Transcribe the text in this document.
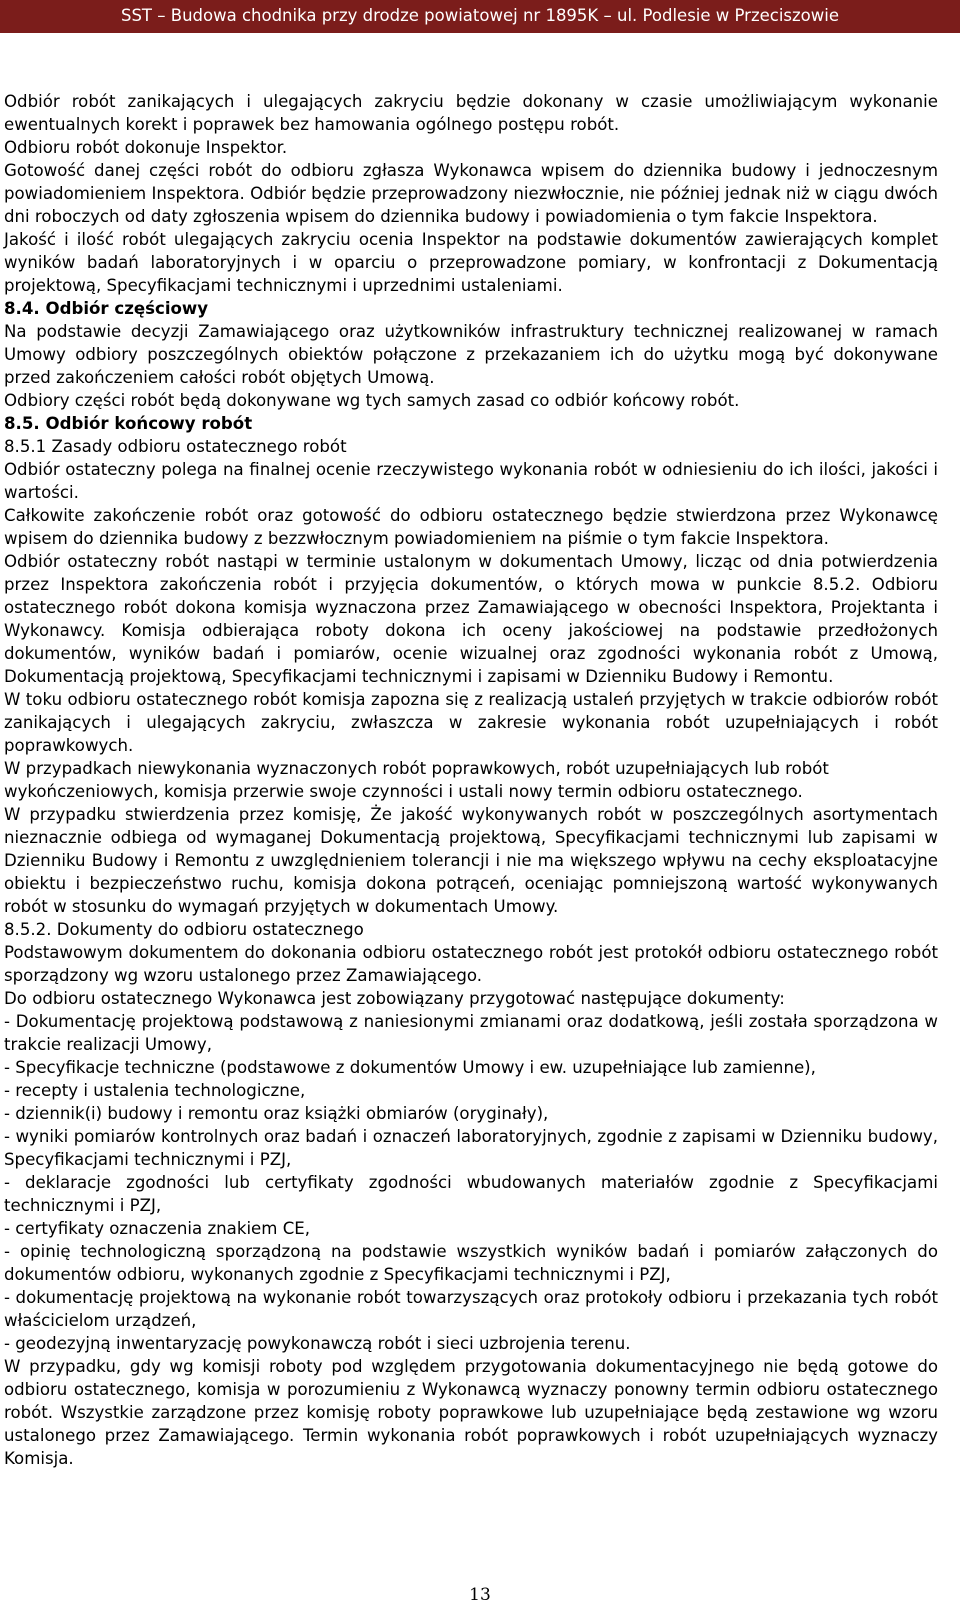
SST – Budowa chodnika przy drodze powiatowej nr 1895K – ul. Podlesie w Przeciszowie

Odbiór robót zanikających i ulegających zakryciu będzie dokonany w czasie umożliwiającym wykonanie ewentualnych korekt i poprawek bez hamowania ogólnego postępu robót.

Odbioru robót dokonuje Inspektor.

Gotowość danej części robót do odbioru zgłasza Wykonawca wpisem do dziennika budowy i jednoczesnym powiadomieniem Inspektora. Odbiór będzie przeprowadzony niezwłocznie, nie później jednak niż w ciągu dwóch dni roboczych od daty zgłoszenia wpisem do dziennika budowy i powiadomienia o tym fakcie Inspektora.

Jakość i ilość robót ulegających zakryciu ocenia Inspektor na podstawie dokumentów zawierających komplet wyników badań laboratoryjnych i w oparciu o przeprowadzone pomiary, w konfrontacji z Dokumentacją projektową, Specyfikacjami technicznymi i uprzednimi ustaleniami.

8.4. Odbiór częściowy

Na podstawie decyzji Zamawiającego oraz użytkowników infrastruktury technicznej realizowanej w ramach Umowy odbiory poszczególnych obiektów połączone z przekazaniem ich do użytku mogą być dokonywane przed zakończeniem całości robót objętych Umową.

Odbiory części robót będą dokonywane wg tych samych zasad co odbiór końcowy robót.

8.5. Odbiór końcowy robót

8.5.1 Zasady odbioru ostatecznego robót

Odbiór ostateczny polega na finalnej ocenie rzeczywistego wykonania robót w odniesieniu do ich ilości, jakości i wartości.

Całkowite zakończenie robót oraz gotowość do odbioru ostatecznego będzie stwierdzona przez Wykonawcę wpisem do dziennika budowy z bezzwłocznym powiadomieniem na piśmie o tym fakcie Inspektora.

Odbiór ostateczny robót nastąpi w terminie ustalonym w dokumentach Umowy, licząc od dnia potwierdzenia przez Inspektora zakończenia robót i przyjęcia dokumentów, o których mowa w punkcie 8.5.2. Odbioru ostatecznego robót dokona komisja wyznaczona przez Zamawiającego w obecności Inspektora, Projektanta i Wykonawcy. Komisja odbierająca roboty dokona ich oceny jakościowej na podstawie przedłożonych dokumentów, wyników badań i pomiarów, ocenie wizualnej oraz zgodności wykonania robót z Umową, Dokumentacją projektową, Specyfikacjami technicznymi i zapisami w Dzienniku Budowy i Remontu.

W toku odbioru ostatecznego robót komisja zapozna się z realizacją ustaleń przyjętych w trakcie odbiorów robót zanikających i ulegających zakryciu, zwłaszcza w zakresie wykonania robót uzupełniających i robót poprawkowych.

W przypadkach niewykonania wyznaczonych robót poprawkowych, robót uzupełniających lub robót wykończeniowych, komisja przerwie swoje czynności i ustali nowy termin odbioru ostatecznego.

W przypadku stwierdzenia przez komisję, Że jakość wykonywanych robót w poszczególnych asortymentach nieznacznie odbiega od wymaganej Dokumentacją projektową, Specyfikacjami technicznymi lub zapisami w Dzienniku Budowy i Remontu z uwzględnieniem tolerancji i nie ma większego wpływu na cechy eksploatacyjne obiektu i bezpieczeństwo ruchu, komisja dokona potrąceń, oceniając pomniejszoną wartość wykonywanych robót w stosunku do wymagań przyjętych w dokumentach Umowy.

8.5.2. Dokumenty do odbioru ostatecznego

Podstawowym dokumentem do dokonania odbioru ostatecznego robót jest protokół odbioru ostatecznego robót sporządzony wg wzoru ustalonego przez Zamawiającego.

Do odbioru ostatecznego Wykonawca jest zobowiązany przygotować następujące dokumenty:

- Dokumentację projektową podstawową z naniesionymi zmianami oraz dodatkową, jeśli została sporządzona w trakcie realizacji Umowy,

- Specyfikacje techniczne (podstawowe z dokumentów Umowy i ew. uzupełniające lub zamienne),

- recepty i ustalenia technologiczne,

- dziennik(i) budowy i remontu oraz książki obmiarów (oryginały),

- wyniki pomiarów kontrolnych oraz badań i oznaczeń laboratoryjnych, zgodnie z zapisami w Dzienniku budowy, Specyfikacjami technicznymi i PZJ,

- deklaracje zgodności lub certyfikaty zgodności wbudowanych materiałów zgodnie z Specyfikacjami technicznymi i PZJ,

- certyfikaty oznaczenia znakiem CE,

- opinię technologiczną sporządzoną na podstawie wszystkich wyników badań i pomiarów załączonych do dokumentów odbioru, wykonanych zgodnie z Specyfikacjami technicznymi i PZJ,

- dokumentację projektową na wykonanie robót towarzyszących oraz protokoły odbioru i przekazania tych robót właścicielom urządzeń,

- geodezyjną inwentaryzację powykonawczą robót i sieci uzbrojenia terenu.

W przypadku, gdy wg komisji roboty pod względem przygotowania dokumentacyjnego nie będą gotowe do odbioru ostatecznego, komisja w porozumieniu z Wykonawcą wyznaczy ponowny termin odbioru ostatecznego robót. Wszystkie zarządzone przez komisję roboty poprawkowe lub uzupełniające będą zestawione wg wzoru ustalonego przez Zamawiającego. Termin wykonania robót poprawkowych i robót uzupełniających wyznaczy Komisja.

13
